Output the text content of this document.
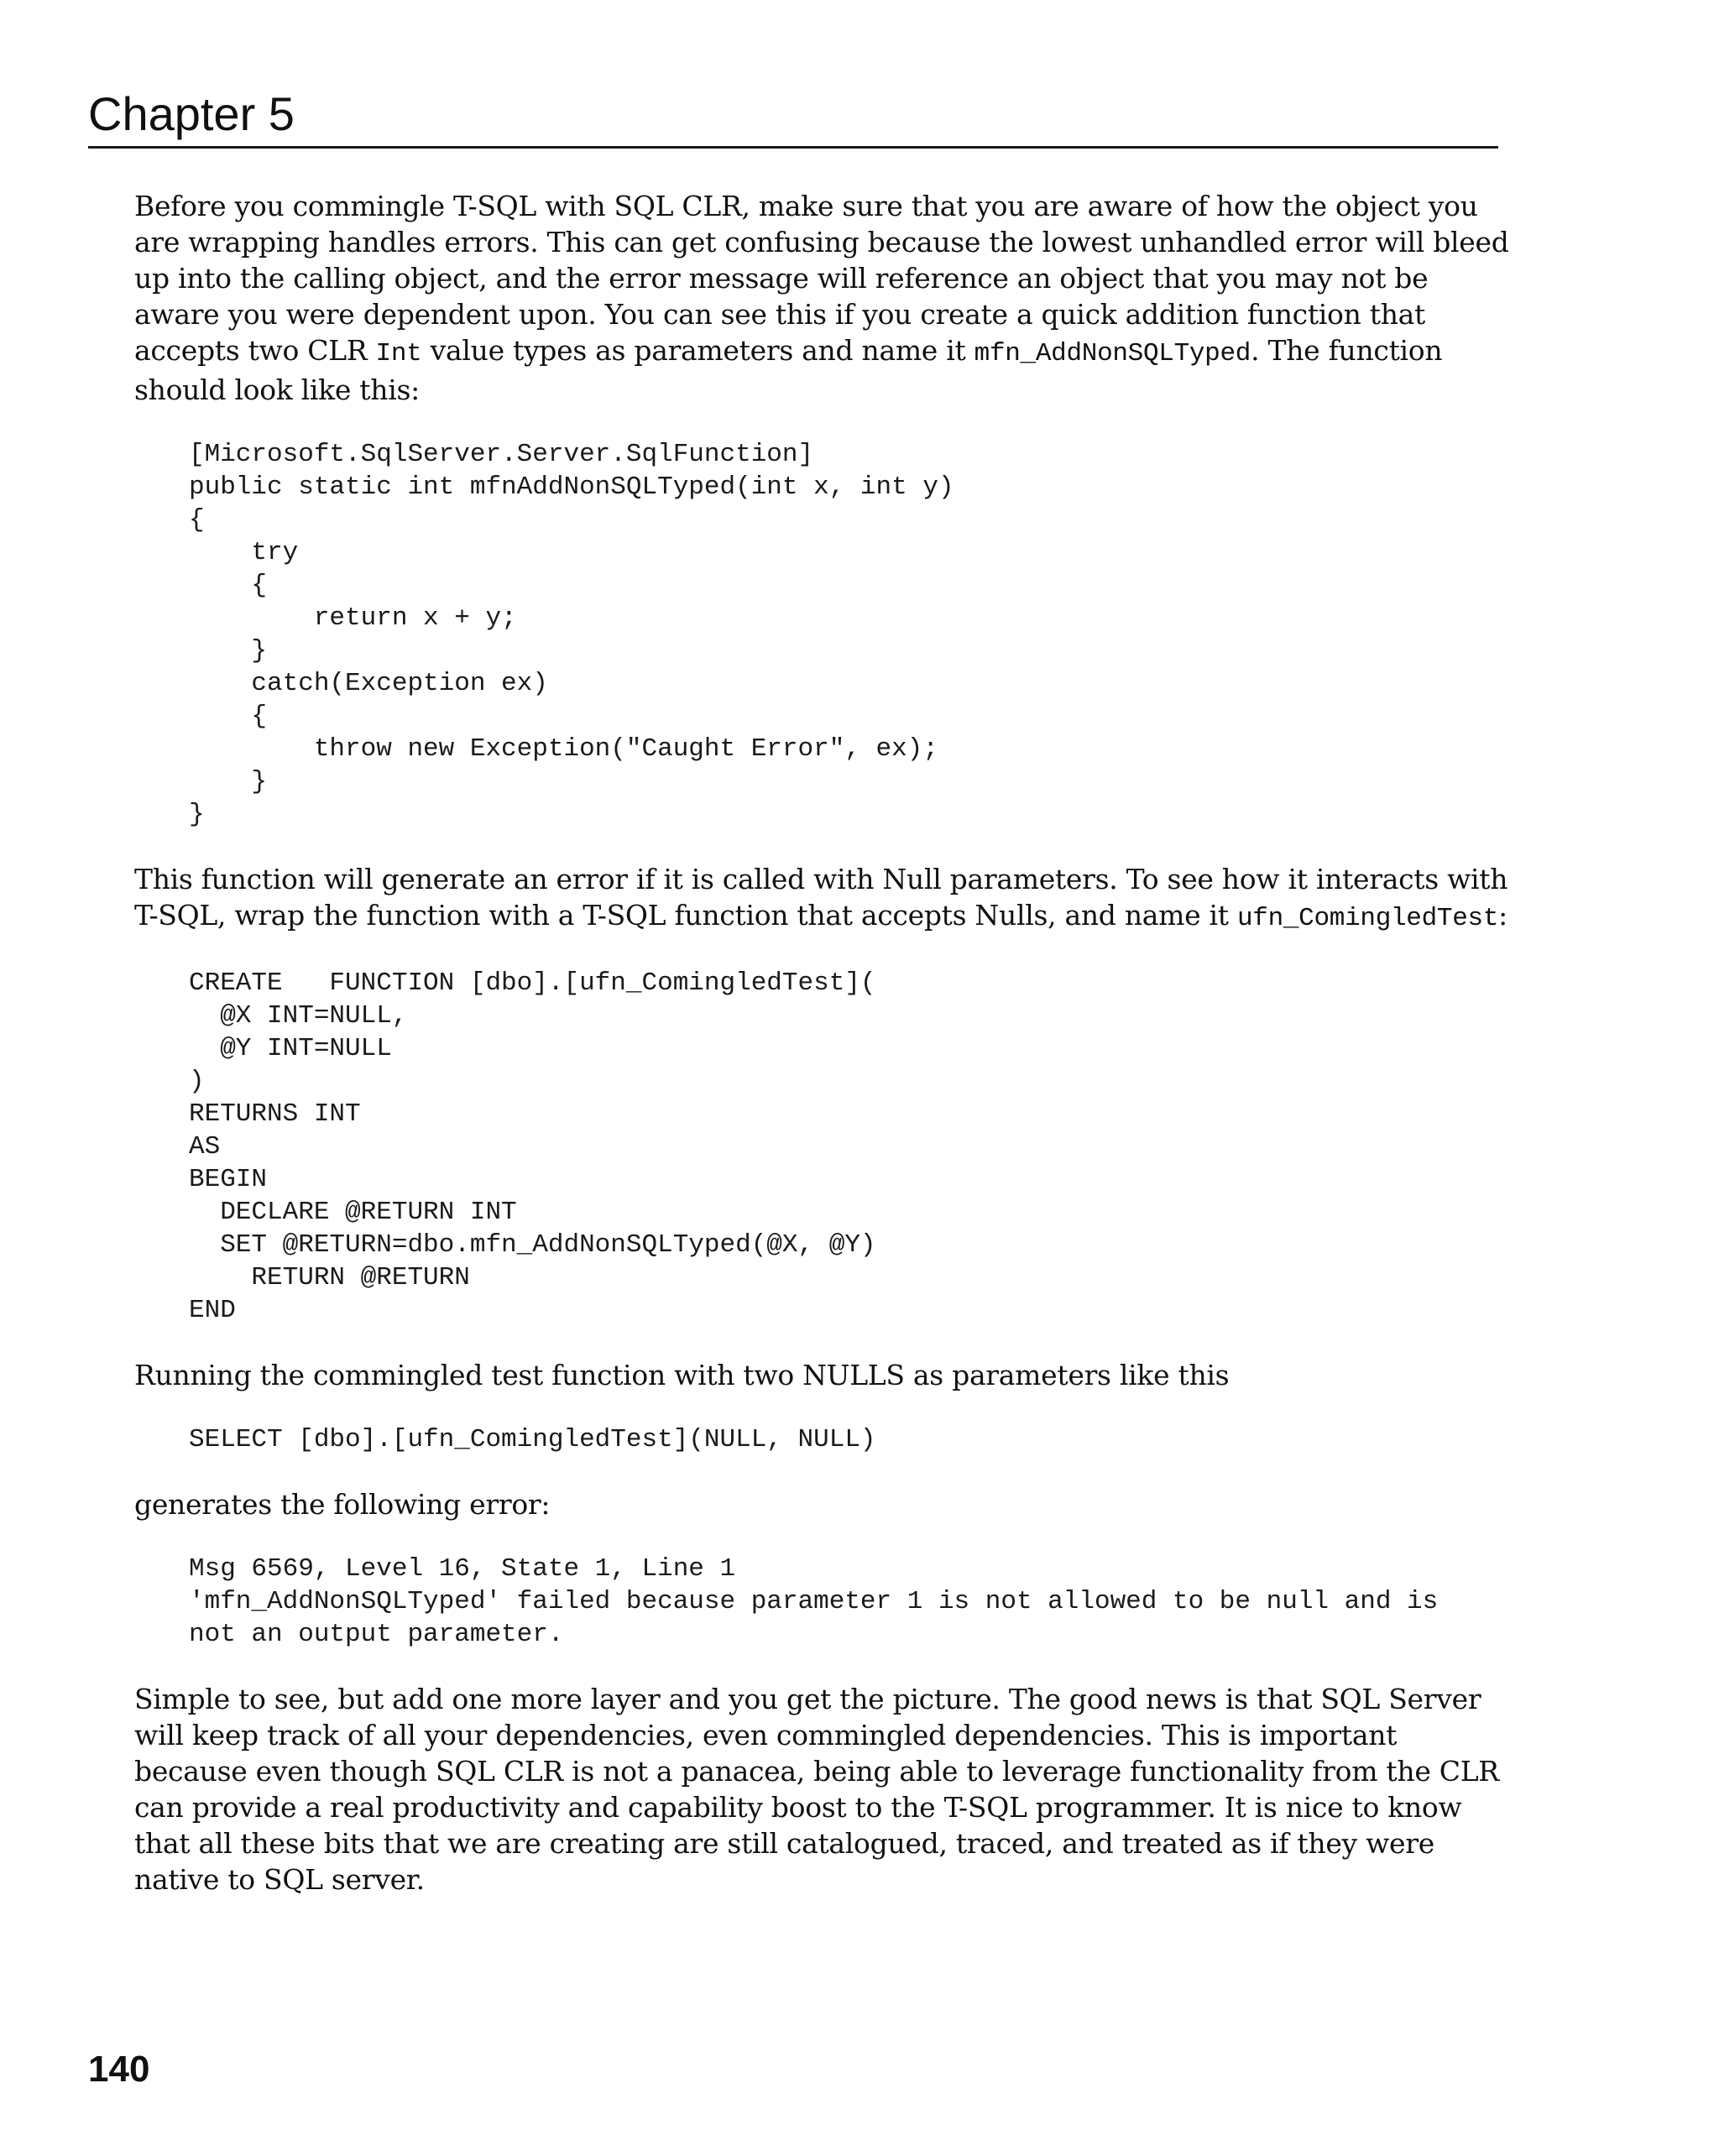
Chapter 5

Before you commingle T-SQL with SQL CLR, make sure that you are aware of how the object you are wrapping handles errors. This can get confusing because the lowest unhandled error will bleed up into the calling object, and the error message will reference an object that you may not be aware you were dependent upon. You can see this if you create a quick addition function that accepts two CLR Int value types as parameters and name it mfn_AddNonSQLTyped. The function should look like this:

[Microsoft.SqlServer.Server.SqlFunction]
public static int mfnAddNonSQLTyped(int x, int y)
{
try
{
return x + y;
}
catch(Exception ex)
{
throw new Exception("Caught Error", ex);
}
}

This function will generate an error if it is called with Null parameters. To see how it interacts with T-SQL, wrap the function with a T-SQL function that accepts Nulls, and name it ufn_ComingledTest:

CREATE   FUNCTION [dbo].[ufn_ComingledTest](
@X INT=NULL,
@Y INT=NULL
)
RETURNS INT
AS
BEGIN
DECLARE @RETURN INT
SET @RETURN=dbo.mfn_AddNonSQLTyped(@X, @Y)
RETURN @RETURN
END

Running the commingled test function with two NULLS as parameters like this

SELECT [dbo].[ufn_ComingledTest](NULL, NULL)

generates the following error:

Msg 6569, Level 16, State 1, Line 1
'mfn_AddNonSQLTyped' failed because parameter 1 is not allowed to be null and is
not an output parameter.

Simple to see, but add one more layer and you get the picture. The good news is that SQL Server will keep track of all your dependencies, even commingled dependencies. This is important because even though SQL CLR is not a panacea, being able to leverage functionality from the CLR can provide a real productivity and capability boost to the T-SQL programmer. It is nice to know that all these bits that we are creating are still catalogued, traced, and treated as if they were native to SQL server.

140
